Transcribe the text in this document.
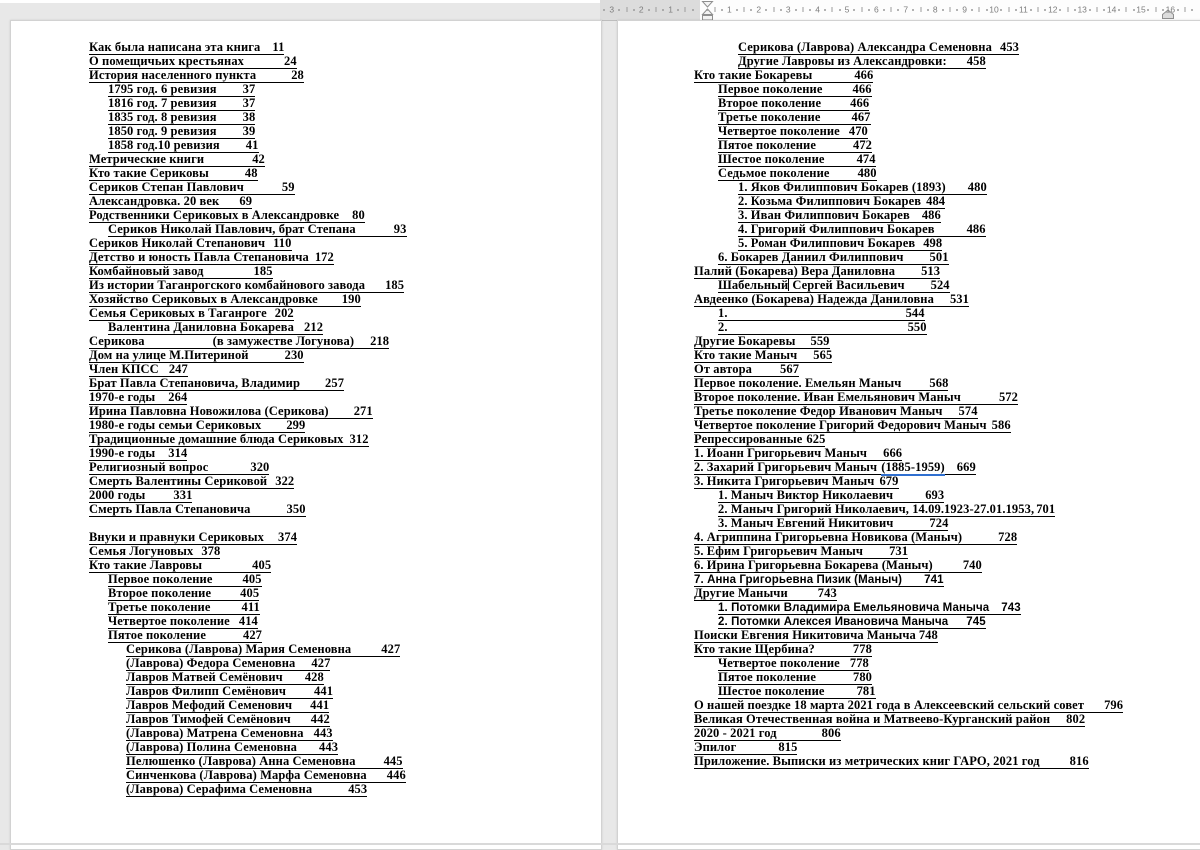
3	2	1	1	2	3	4	5	6	7	8	9	10 11 12 13 14 15 16
Как была написана эта книга 11
О помещичьих крестьянах	24
История населенного пункта	28
1795 год. 6 ревизия 37
1816 год. 7 ревизия 37
1835 год. 8 ревизия 38
1850 год. 9 ревизия 39
1858 год.10 ревизия 41
Метрические книги	42
Кто такие Сериковы	48
Сериков Степан Павлович	59
Александровка. 20 век 69
Родственники Сериковых в Александровке 80
Сериков Николай Павлович, брат Степана	93
Сериков Николай Степанович 110
Детство и юность Павла Степановича 172
Комбайновый завод	185
Из истории Таганрогского комбайнового завода 185
Хозяйство Сериковых в Александровке 190
Семья Сериковых в Таганроге 202
Валентина Даниловна Бокарева 212
Серикова	(в замужестве Логунова) 218
Дом на улице М.Питериной	230
Член КПСС 247
Брат Павла Степановича, Владимир 257
1970-е годы 264
Ирина Павловна Новожилова (Серикова) 271
1980-е годы семьи Сериковых 299
Традиционные домашние блюда Сериковых 312
1990-е годы 314
Религиозный вопрос	320
Смерть Валентины Сериковой 322
2000 годы 331
Смерть Павла Степановича	350
Внуки и правнуки Сериковых 374
Семья Логуновых 378
Кто такие Лавровы	405
Первое поколение 405
Второе поколение 405
Третье поколение 411
Четвертое поколение 414
Пятое поколение	427
Серикова (Лаврова) Мария Семеновна 427
(Лаврова) Федора Семеновна 427
Лавров Матвей Семёнович 428
Лавров Филипп Семёнович 441
Лавров Мефодий Семенович 441
Лавров Тимофей Семёнович 442
(Лаврова) Матрена Семеновна 443
(Лаврова) Полина Семеновна 443
Пелюшенко (Лаврова) Анна Семеновна 445
Синченкова (Лаврова) Марфа Семеновна 446
(Лаврова) Серафима Семеновна	453
Серикова (Лаврова) Александра Семеновна 453
Другие Лавровы из Александровки: 458
Кто такие Бокаревы	466
Первое поколение 466
Второе поколение 466
Третье поколение 467
Четвертое поколение 470
Пятое поколение	472
Шестое поколение	474
Седьмое поколение 480
1. Яков Филиппович Бокарев (1893) 480
2. Козьма Филиппович Бокарев 484
3. Иван Филиппович Бокарев 486
4. Григорий Филиппович Бокарев	486
5. Роман Филиппович Бокарев 498
6. Бокарев Даниил Филиппович 501
Палий (Бокарева) Вера Даниловна 513
Шабельный Сергей Васильевич 524
Авдеенко (Бокарева) Надежда Даниловна 531
1.	544
2.	550
Другие Бокаревы 559
Кто такие Маныч 565
От автора 567
Первое поколение. Емельян Маныч 568
Второе поколение. Иван Емельянович Маныч	572
Третье поколение Федор Иванович Маныч 574
Четвертое поколение Григорий Федорович Маныч 586
Репрессированные 625
1. Иоанн Григорьевич Маныч 666
2. Захарий Григорьевич Маныч (1885-1959) 669
3. Никита Григорьевич Маныч 679
1. Маныч Виктор Николаевич	693
2. Маныч Григорий Николаевич, 14.09.1923-27.01.1953, 701
3. Маныч Евгений Никитович	724
4. Агриппина Григорьевна Новикова (Маныч)	728
5. Ефим Григорьевич Маныч 731
6. Ирина Григорьевна Бокарева (Маныч) 740
7. Анна Григорьевна Пизик (Маныч) 741
Другие Манычи 743
1. Потомки Владимира Емельяновича Маныча 743
2. Потомки Алексея Ивановича Маныча 745
Поиски Евгения Никитовича Маныча 748
Кто такие Щербина?	778
Четвертое поколение 778
Пятое поколение	780
Шестое поколение	781
О нашей поездке 18 марта 2021 года в Алексеевский сельский совет 796
Великая Отечественная война и Матвеево-Курганский район 802
2020 - 2021 год	806
Эпилог	815
Приложение. Выписки из метрических книг ГАРО, 2021 год 816
